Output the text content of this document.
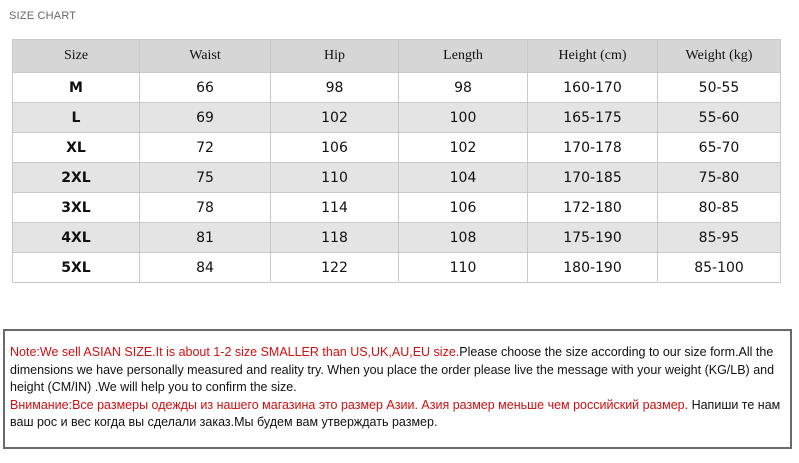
SIZE CHART
Size	Waist	Hip	Length	Height (cm)	Weight (kg)
M	66	98	98	160-170	50-55
L	69	102	100	165-175	55-60
XL	72	106	102	170-178	65-70
2XL	75	110	104	170-185	75-80
3XL	78	114	106	172-180	80-85
4XL	81	118	108	175-190	85-95
5XL	84	122	110	180-190	85-100
Note:We sell ASIAN SIZE.It is about 1-2 size SMALLER than US,UK,AU,EU size.Please choose the size according to our size form.All the dimensions we have personally measured and reality try. When you place the order please live the message with your weight (KG/LB) and height (CM/IN) .We will help you to confirm the size.
Внимание:Все размеры одежды из нашего магазина это размер Азии. Азия размер меньше чем российский размер. Напиши те нам ваш рос и вес когда вы сделали заказ.Мы будем вам утверждать размер.
